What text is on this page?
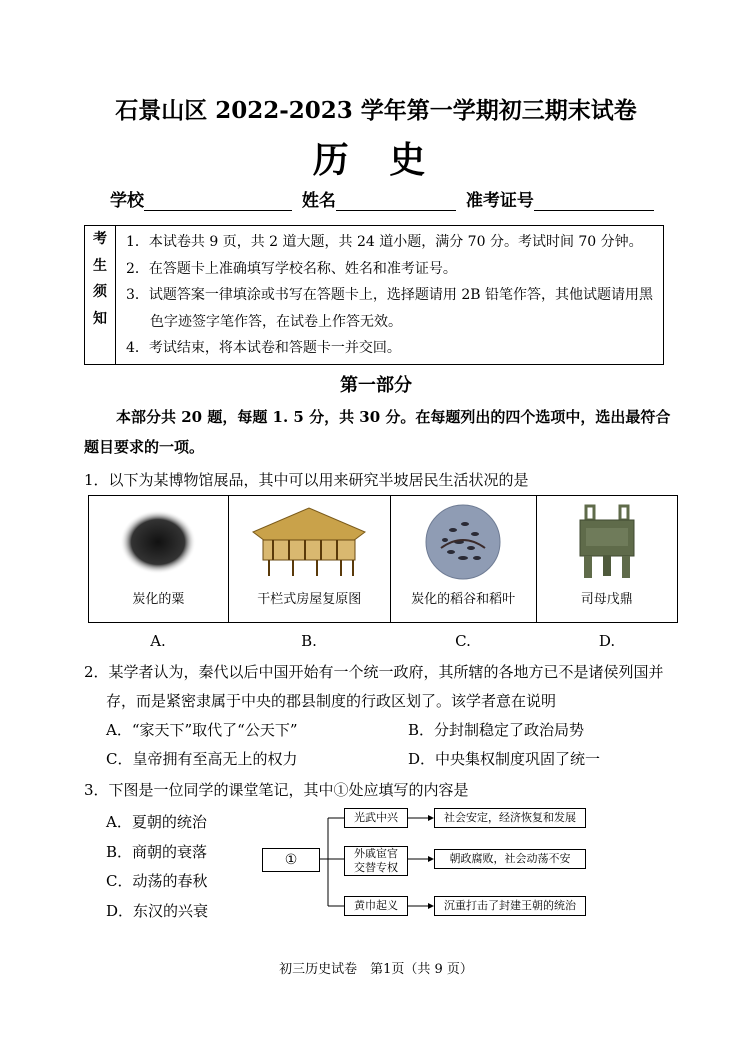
石景山区 2022-2023 学年第一学期初三期末试卷
历 史
学校	姓名	准考证号
考
生
须
知

1．本试卷共 9 页，共 2 道大题，共 24 道小题，满分 70 分。考试时间 70 分钟。
2．在答题卡上准确填写学校名称、姓名和准考证号。
3．试题答案一律填涂或书写在答题卡上，选择题请用 2B 铅笔作答，其他试题请用黑色字迹签字笔作答，在试卷上作答无效。
4．考试结束，将本试卷和答题卡一并交回。
第一部分
本部分共 20 题，每题 1. 5 分，共 30 分。在每题列出的四个选项中，选出最符合题目要求的一项。
1．以下为某博物馆展品，其中可以用来研究半坡居民生活状况的是
炭化的粟	干栏式房屋复原图	炭化的稻谷和稻叶	司母戊鼎
A.	B.	C.	D.
2．某学者认为，秦代以后中国开始有一个统一政府，其所辖的各地方已不是诸侯列国并存，而是紧密隶属于中央的郡县制度的行政区划了。该学者意在说明
A．“家天下”取代了“公天下”	B．分封制稳定了政治局势
C．皇帝拥有至高无上的权力	D．中央集权制度巩固了统一
3．下图是一位同学的课堂笔记，其中①处应填写的内容是
A．夏朝的统治
B．商朝的衰落
C．动荡的春秋
D．东汉的兴衰
①
光武中兴
外戚宦官交替专权
黄巾起义
社会安定，经济恢复和发展
朝政腐败，社会动荡不安
沉重打击了封建王朝的统治
初三历史试卷　第1页（共 9 页）
